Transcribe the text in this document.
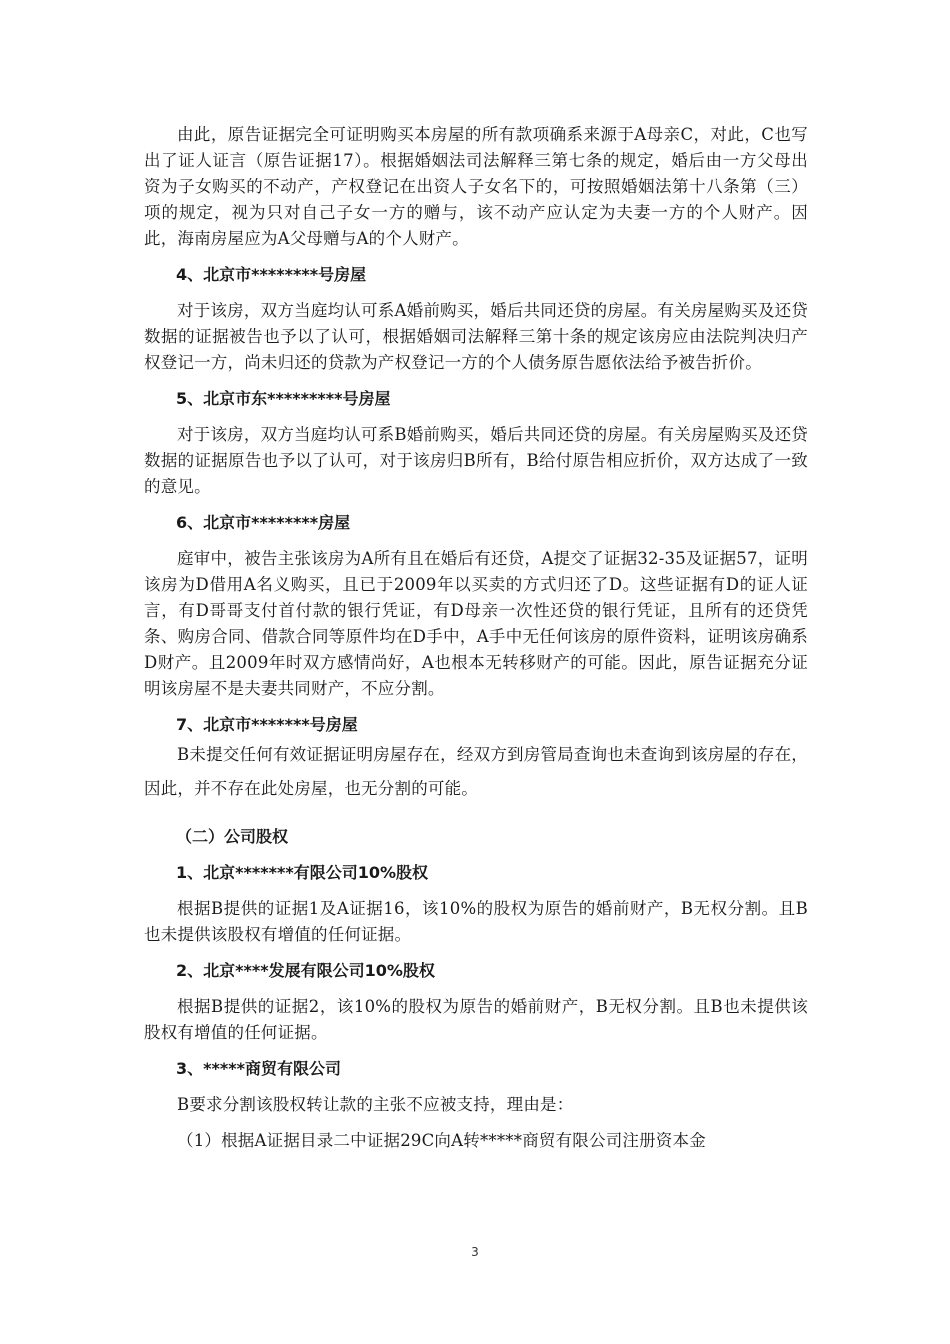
由此，原告证据完全可证明购买本房屋的所有款项确系来源于A母亲C，对此，C也写出了证人证言（原告证据17）。根据婚姻法司法解释三第七条的规定，婚后由一方父母出资为子女购买的不动产，产权登记在出资人子女名下的，可按照婚姻法第十八条第（三）项的规定，视为只对自己子女一方的赠与，该不动产应认定为夫妻一方的个人财产。因此，海南房屋应为A父母赠与A的个人财产。

4、北京市********号房屋

对于该房，双方当庭均认可系A婚前购买，婚后共同还贷的房屋。有关房屋购买及还贷数据的证据被告也予以了认可，根据婚姻司法解释三第十条的规定该房应由法院判决归产权登记一方，尚未归还的贷款为产权登记一方的个人债务原告愿依法给予被告折价。

5、北京市东*********号房屋

对于该房，双方当庭均认可系B婚前购买，婚后共同还贷的房屋。有关房屋购买及还贷数据的证据原告也予以了认可，对于该房归B所有，B给付原告相应折价，双方达成了一致的意见。

6、北京市********房屋

庭审中，被告主张该房为A所有且在婚后有还贷，A提交了证据32-35及证据57，证明该房为D借用A名义购买，且已于2009年以买卖的方式归还了D。这些证据有D的证人证言，有D哥哥支付首付款的银行凭证，有D母亲一次性还贷的银行凭证，且所有的还贷凭条、购房合同、借款合同等原件均在D手中，A手中无任何该房的原件资料，证明该房确系D财产。且2009年时双方感情尚好，A也根本无转移财产的可能。因此，原告证据充分证明该房屋不是夫妻共同财产，不应分割。

7、北京市*******号房屋

B未提交任何有效证据证明房屋存在，经双方到房管局查询也未查询到该房屋的存在，因此，并不存在此处房屋，也无分割的可能。

（二）公司股权

1、北京*******有限公司10%股权

根据B提供的证据1及A证据16，该10%的股权为原告的婚前财产，B无权分割。且B也未提供该股权有增值的任何证据。

2、北京****发展有限公司10%股权

根据B提供的证据2，该10%的股权为原告的婚前财产，B无权分割。且B也未提供该股权有增值的任何证据。

3、*****商贸有限公司

B要求分割该股权转让款的主张不应被支持，理由是：

（1）根据A证据目录二中证据29C向A转*****商贸有限公司注册资本金

3
